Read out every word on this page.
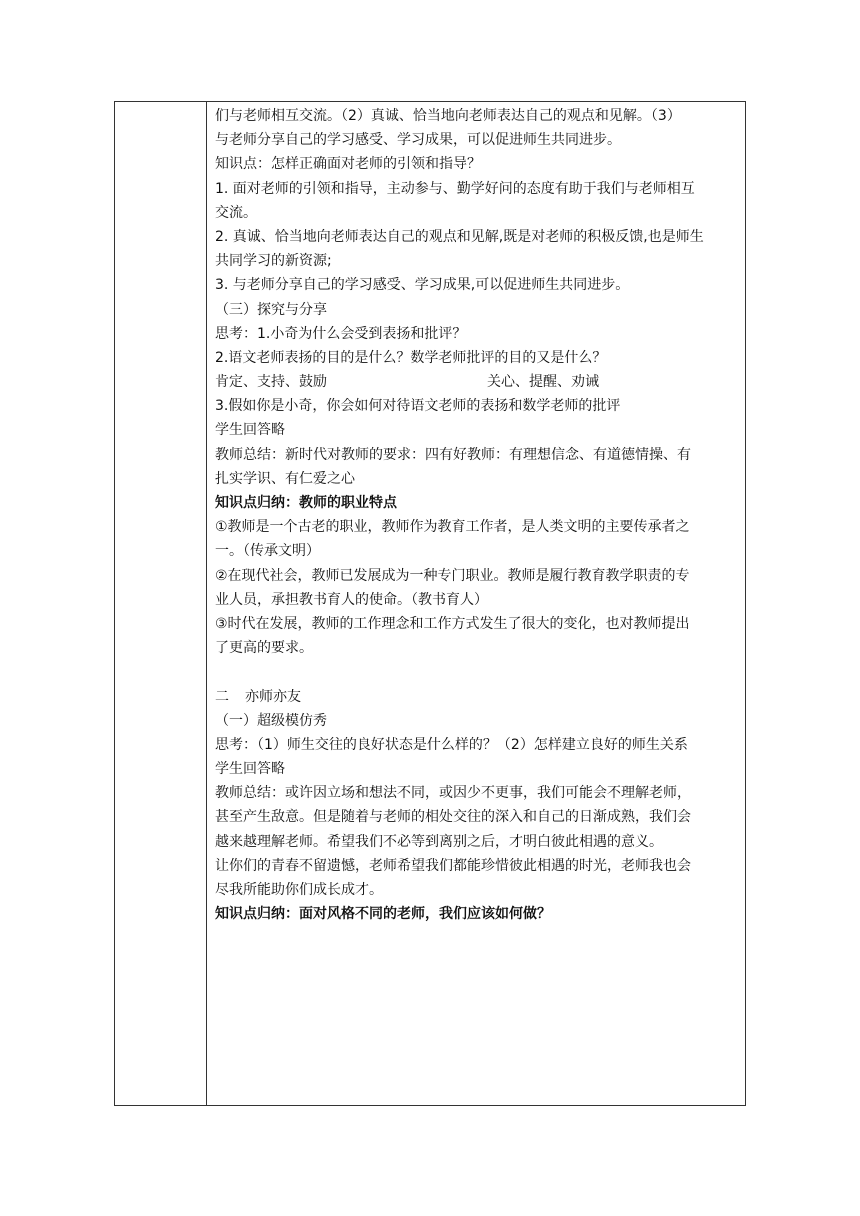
们与老师相互交流。（2）真诚、恰当地向老师表达自己的观点和见解。（3）

与老师分享自己的学习感受、学习成果，可以促进师生共同进步。

知识点：怎样正确面对老师的引领和指导？

1. 面对老师的引领和指导，主动参与、勤学好问的态度有助于我们与老师相互

交流。

2. 真诚、恰当地向老师表达自己的观点和见解,既是对老师的积极反馈,也是师生

共同学习的新资源;

3. 与老师分享自己的学习感受、学习成果,可以促进师生共同进步。

（三）探究与分享

思考：1.小奇为什么会受到表扬和批评？

2.语文老师表扬的目的是什么？数学老师批评的目的又是什么？

肯定、支持、鼓励	关心、提醒、劝诫

3.假如你是小奇，你会如何对待语文老师的表扬和数学老师的批评

学生回答略

教师总结：新时代对教师的要求：四有好教师：有理想信念、有道德情操、有

扎实学识、有仁爱之心

知识点归纳：教师的职业特点

①教师是一个古老的职业，教师作为教育工作者，是人类文明的主要传承者之

一。（传承文明）

②在现代社会，教师已发展成为一种专门职业。教师是履行教育教学职责的专

业人员，承担教书育人的使命。（教书育人）

③时代在发展，教师的工作理念和工作方式发生了很大的变化，也对教师提出

了更高的要求。

二 亦师亦友

（一）超级模仿秀

思考：（1）师生交往的良好状态是什么样的？（2）怎样建立良好的师生关系

学生回答略

教师总结：或许因立场和想法不同，或因少不更事，我们可能会不理解老师，

甚至产生敌意。但是随着与老师的相处交往的深入和自己的日渐成熟，我们会

越来越理解老师。希望我们不必等到离别之后，才明白彼此相遇的意义。

让你们的青春不留遗憾，老师希望我们都能珍惜彼此相遇的时光，老师我也会

尽我所能助你们成长成才。

知识点归纳：面对风格不同的老师，我们应该如何做？
